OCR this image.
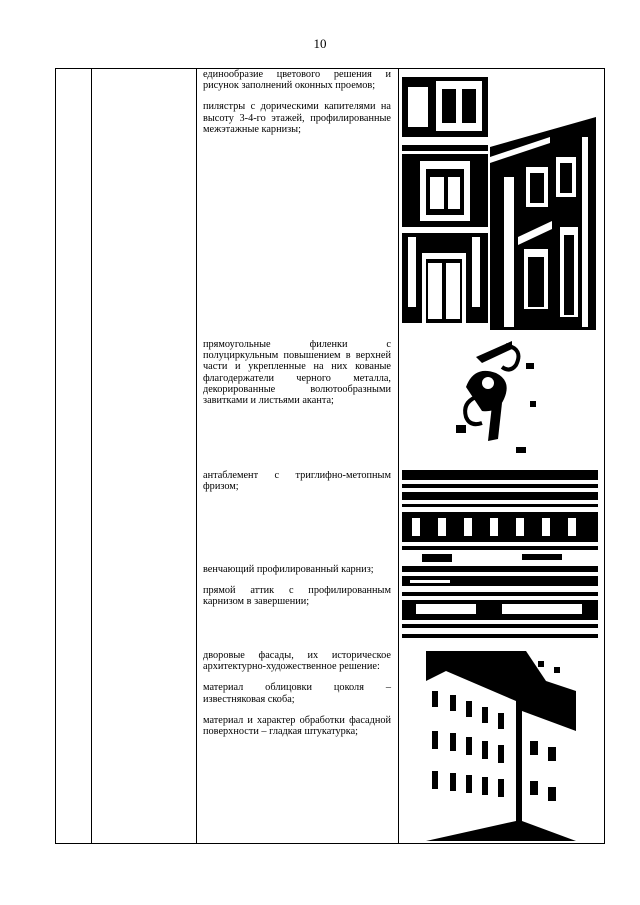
10

единообразие цветового решения и рисунок заполнений оконных проемов;

пилястры с дорическими капителями на высоту 3-4-го этажей, профилированные межэтажные карнизы;

прямоугольные филенки с полуциркульным повышением в верхней части и укрепленные на них кованые флагодержатели черного металла, декорированные волютообразными завитками и листьями аканта;

антаблемент с триглифно-метопным фризом;

венчающий профилированный карниз;

прямой аттик с профилированным карнизом в завершении;

дворовые фасады, их историческое архитектурно-художественное решение:

материал облицовки цоколя – известняковая скоба;

материал и характер обработки фасадной поверхности – гладкая штукатурка;
